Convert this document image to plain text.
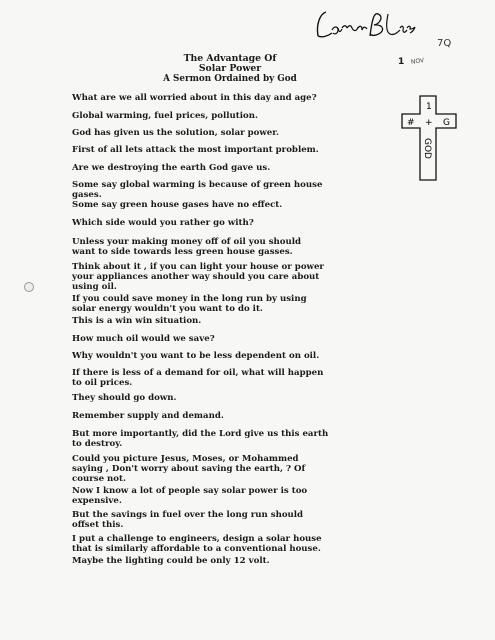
7Q
1 NOV
The Advantage Of
Solar Power
A Sermon Ordained by God
1
# + G
GOD
What are we all worried about in this day and age?
Global warming, fuel prices, pollution.
God has given us the solution, solar power.
First of all lets attack the most important problem.
Are we destroying the earth God gave us.
Some say global warming is because of green house
gases.
Some say green house gases have no effect.
Which side would you rather go with?
Unless your making money off of oil you should
want to side towards less green house gasses.
Think about it , if you can light your house or power
your appliances another way should you care about
using oil.
If you could save money in the long run by using
solar energy wouldn't you want to do it.
This is a win win situation.
How much oil would we save?
Why wouldn't you want to be less dependent on oil.
If there is less of a demand for oil, what will happen
to oil prices.
They should go down.
Remember supply and demand.
But more importantly, did the Lord give us this earth
to destroy.
Could you picture Jesus, Moses, or Mohammed
saying , Don't worry about saving the earth, ? Of
course not.
Now I know a lot of people say solar power is too
expensive.
But the savings in fuel over the long run should
offset this.
I put a challenge to engineers, design a solar house
that is similarly affordable to a conventional house.
Maybe the lighting could be only 12 volt.
